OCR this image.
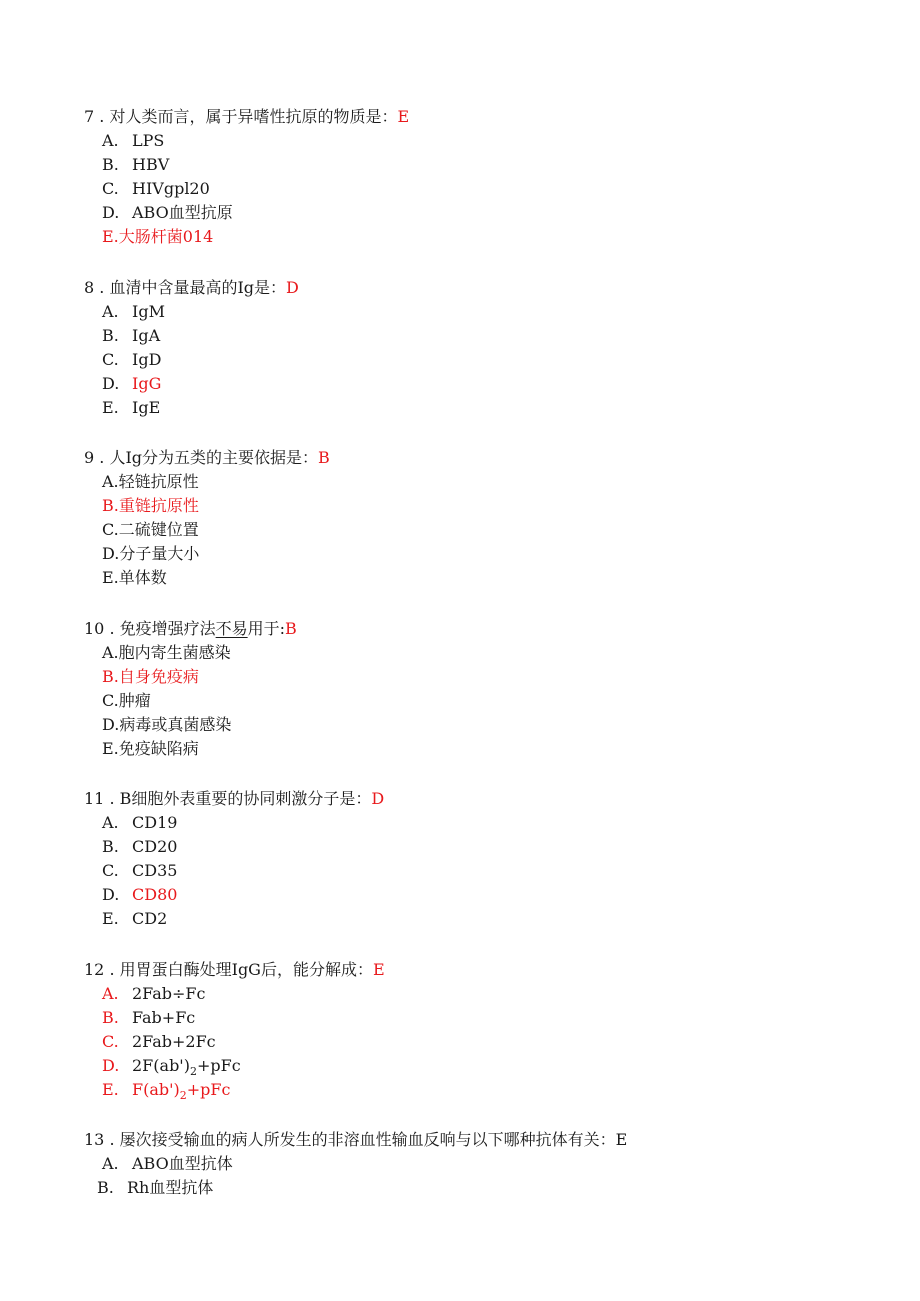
7 . 对人类而言，属于异嗜性抗原的物质是：E
A. LPS
B. HBV
C. HIVgpl20
D. ABO血型抗原
E.大肠杆菌014
8 . 血清中含量最高的Ig是：D
A. IgM
B. IgA
C. IgD
D. IgG
E. IgE
9 . 人Ig分为五类的主要依据是：B
A.轻链抗原性
B.重链抗原性
C.二硫键位置
D.分子量大小
E.单体数
10 . 免疫增强疗法不易用于:B
A.胞内寄生菌感染
B.自身免疫病
C.肿瘤
D.病毒或真菌感染
E.免疫缺陷病
11 . B细胞外表重要的协同刺激分子是：D
A. CD19
B. CD20
C. CD35
D. CD80
E. CD2
12 . 用胃蛋白酶处理IgG后，能分解成：E
A. 2Fab÷Fc
B. Fab+Fc
C. 2Fab+2Fc
D. $2F(ab')_2+pFc$
E. $F(ab')_2+pFc$
13 . 屡次接受输血的病人所发生的非溶血性输血反响与以下哪种抗体有关：E
A. ABO血型抗体
B. Rh血型抗体
